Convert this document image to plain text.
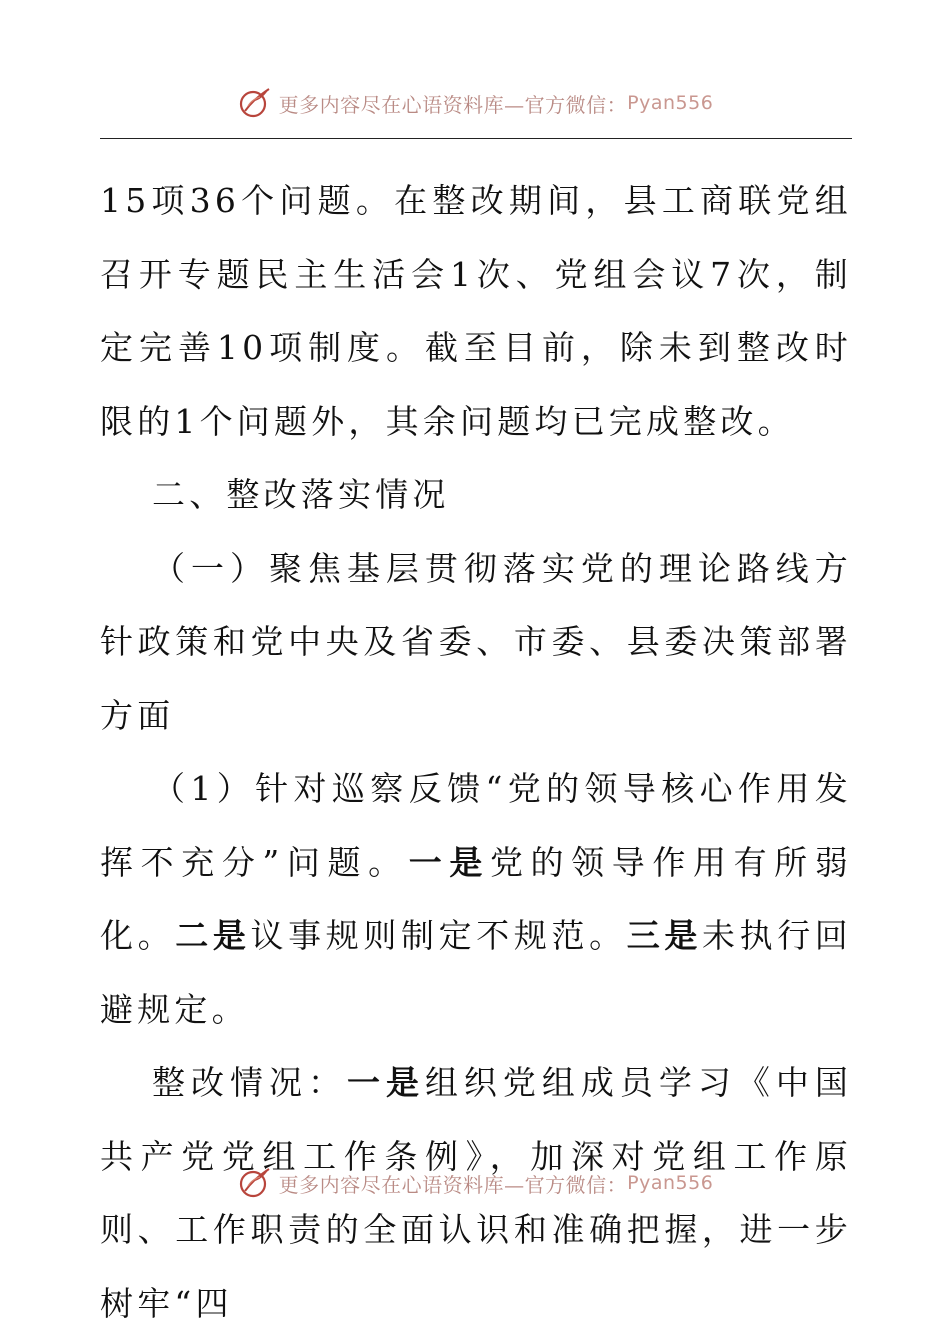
更多内容尽在心语资料库—官方微信： Pyan556

15项36个问题。在整改期间，县工商联党组召开专题民主生活会1次、党组会议7次，制定完善10项制度。截至目前，除未到整改时限的1个问题外，其余问题均已完成整改。

二、整改落实情况

（一）聚焦基层贯彻落实党的理论路线方针政策和党中央及省委、市委、县委决策部署方面

（1）针对巡察反馈“党的领导核心作用发挥不充分”问题。一是党的领导作用有所弱化。二是议事规则制定不规范。三是未执行回避规定。

整改情况：一是组织党组成员学习《中国共产党党组工作条例》，加深对党组工作原则、工作职责的全面认识和准确把握，进一步树牢“四

更多内容尽在心语资料库—官方微信： Pyan556
